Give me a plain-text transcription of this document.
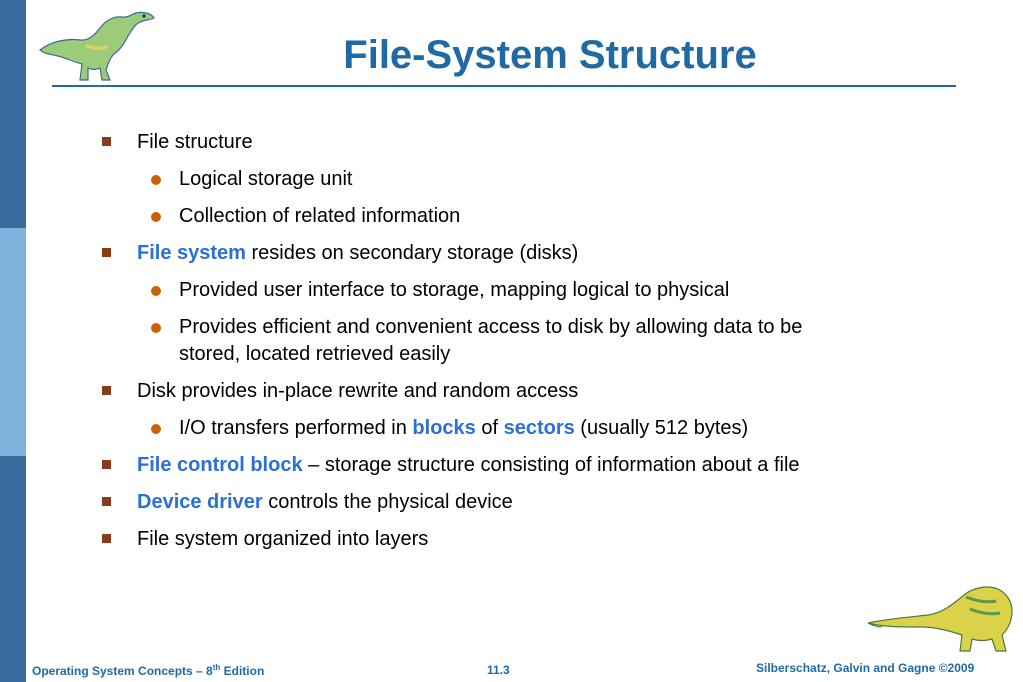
File-System Structure
File structure
Logical storage unit
Collection of related information
File system resides on secondary storage (disks)
Provided user interface to storage, mapping logical to physical
Provides efficient and convenient access to disk by allowing data to be
stored, located retrieved easily
Disk provides in-place rewrite and random access
I/O transfers performed in blocks of sectors (usually 512 bytes)
File control block – storage structure consisting of information about a file
Device driver controls the physical device
File system organized into layers
Operating System Concepts – 8th Edition	11.3	Silberschatz, Galvin and Gagne ©2009
